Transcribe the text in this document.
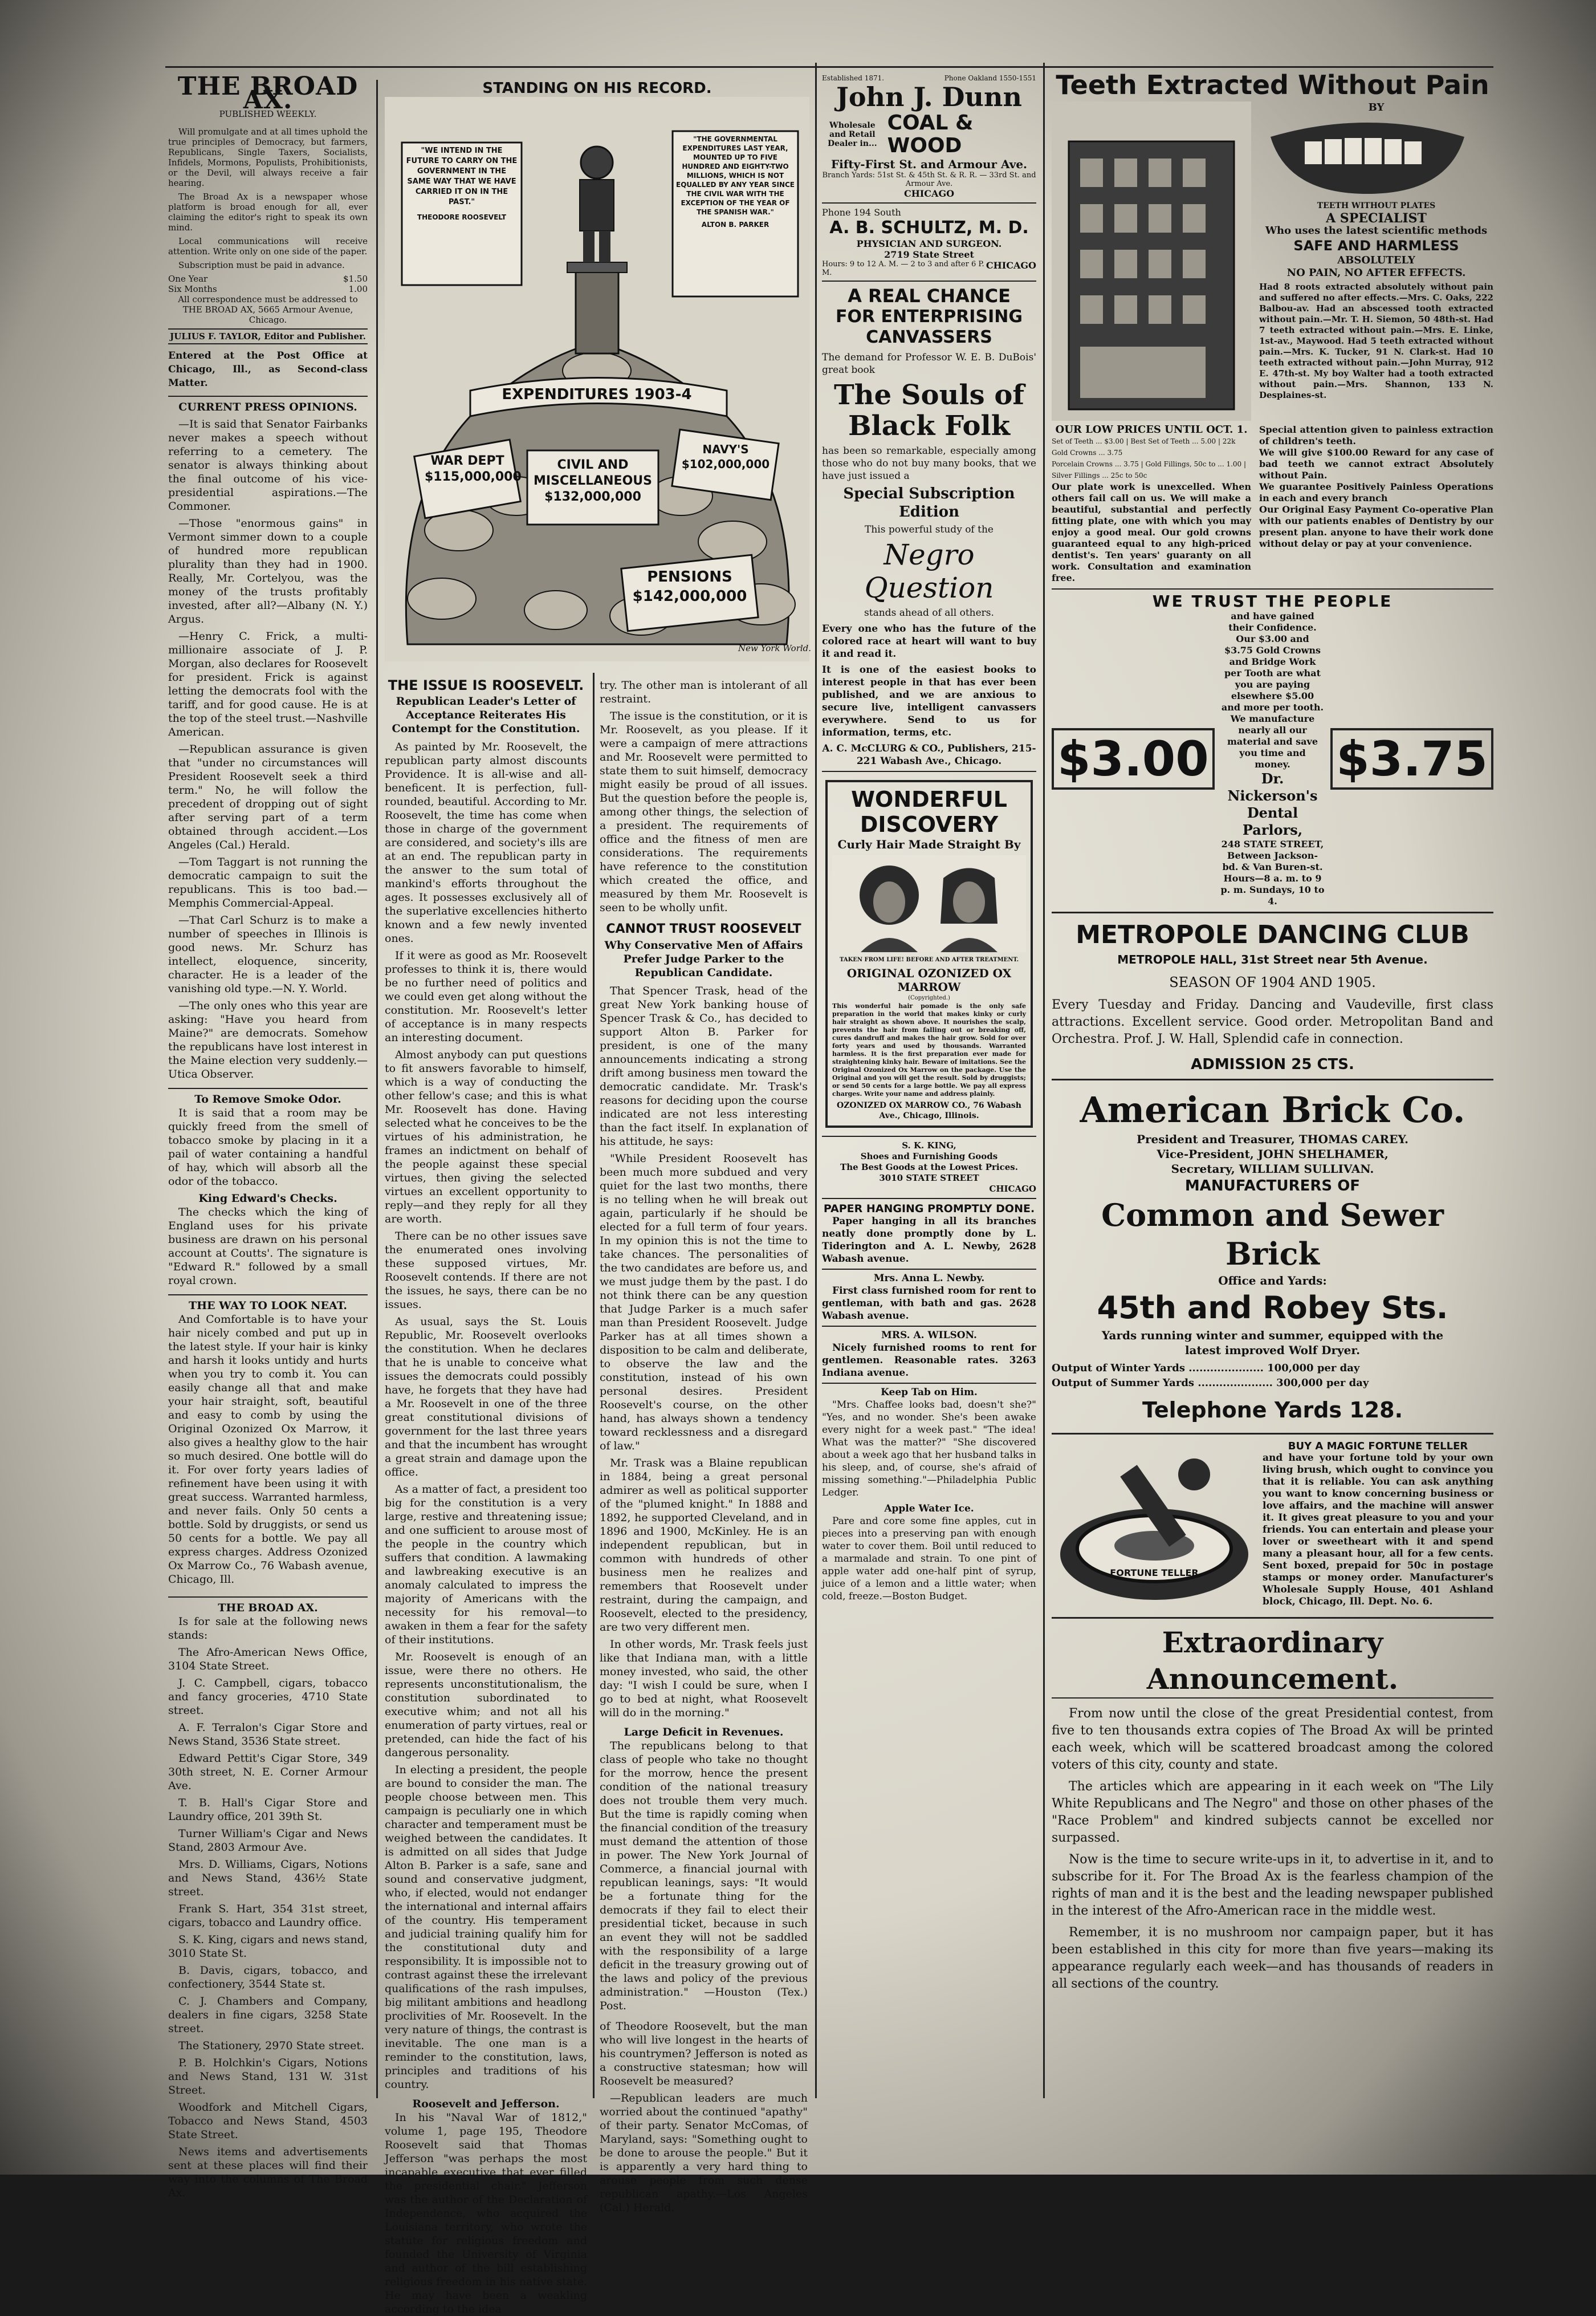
THE BROAD AX.
PUBLISHED WEEKLY.

Will promulgate and at all times uphold the true principles of Democracy, but farmers, Republicans, Single Taxers, Socialists, Infidels, Mormons, Populists, Prohibitionists, or the Devil, will always receive a fair hearing.

The Broad Ax is a newspaper whose platform is broad enough for all, ever claiming the editor's right to speak its own mind.

Local communications will receive attention. Write only on one side of the paper.

Subscription must be paid in advance.

One Year	$1.50
Six Months	1.00

All correspondence must be addressed to THE BROAD AX, 5665 Armour Avenue, Chicago.

JULIUS F. TAYLOR, Editor and Publisher.

Entered at the Post Office at Chicago, Ill., as Second-class Matter.

CURRENT PRESS OPINIONS.

—It is said that Senator Fairbanks never makes a speech without referring to a cemetery. The senator is always thinking about the final outcome of his vice-presidential aspirations.—The Commoner.

—Those "enormous gains" in Vermont simmer down to a couple of hundred more republican plurality than they had in 1900. Really, Mr. Cortelyou, was the money of the trusts profitably invested, after all?—Albany (N. Y.) Argus.

—Henry C. Frick, a multi-millionaire associate of J. P. Morgan, also declares for Roosevelt for president. Frick is against letting the democrats fool with the tariff, and for good cause. He is at the top of the steel trust.—Nashville American.

—Republican assurance is given that "under no circumstances will President Roosevelt seek a third term." No, he will follow the precedent of dropping out of sight after serving part of a term obtained through accident.—Los Angeles (Cal.) Herald.

—Tom Taggart is not running the democratic campaign to suit the republicans. This is too bad.—Memphis Commercial-Appeal.

—That Carl Schurz is to make a number of speeches in Illinois is good news. Mr. Schurz has intellect, eloquence, sincerity, character. He is a leader of the vanishing old type.—N. Y. World.

—The only ones who this year are asking: "Have you heard from Maine?" are democrats. Somehow the republicans have lost interest in the Maine election very suddenly.—Utica Observer.

To Remove Smoke Odor.

It is said that a room may be quickly freed from the smell of tobacco smoke by placing in it a pail of water containing a handful of hay, which will absorb all the odor of the tobacco.

King Edward's Checks.

The checks which the king of England uses for his private business are drawn on his personal account at Coutts'. The signature is "Edward R." followed by a small royal crown.

THE WAY TO LOOK NEAT.

And Comfortable is to have your hair nicely combed and put up in the latest style. If your hair is kinky and harsh it looks untidy and hurts when you try to comb it. You can easily change all that and make your hair straight, soft, beautiful and easy to comb by using the Original Ozonized Ox Marrow, it also gives a healthy glow to the hair so much desired. One bottle will do it. For over forty years ladies of refinement have been using it with great success. Warranted harmless, and never fails. Only 50 cents a bottle. Sold by druggists, or send us 50 cents for a bottle. We pay all express charges. Address Ozonized Ox Marrow Co., 76 Wabash avenue, Chicago, Ill.

THE BROAD AX.

Is for sale at the following news stands:

The Afro-American News Office, 3104 State Street.

J. C. Campbell, cigars, tobacco and fancy groceries, 4710 State street.

A. F. Terralon's Cigar Store and News Stand, 3536 State street.

Edward Pettit's Cigar Store, 349 30th street, N. E. Corner Armour Ave.

T. B. Hall's Cigar Store and Laundry office, 201 39th St.

Turner William's Cigar and News Stand, 2803 Armour Ave.

Mrs. D. Williams, Cigars, Notions and News Stand, 436½ State street.

Frank S. Hart, 354 31st street, cigars, tobacco and Laundry office.

S. K. King, cigars and news stand, 3010 State St.

B. Davis, cigars, tobacco, and confectionery, 3544 State st.

C. J. Chambers and Company, dealers in fine cigars, 3258 State street.

The Stationery, 2970 State street.

P. B. Holchkin's Cigars, Notions and News Stand, 131 W. 31st Street.

Woodfork and Mitchell Cigars, Tobacco and News Stand, 4503 State Street.

News items and advertisements sent at these places will find their way into the columns of The Broad Ax.

STANDING ON HIS RECORD.
"WE INTEND IN THE FUTURE TO CARRY ON THE GOVERNMENT IN THE SAME WAY THAT WE HAVE CARRIED IT ON IN THE PAST."
THEODORE ROOSEVELT
"THE GOVERNMENTAL EXPENDITURES LAST YEAR, MOUNTED UP TO FIVE HUNDRED AND EIGHTY-TWO MILLIONS, WHICH IS NOT EQUALLED BY ANY YEAR SINCE THE CIVIL WAR WITH THE EXCEPTION OF THE YEAR OF THE SPANISH WAR."
ALTON B. PARKER
EXPENDITURES 1903-4
WAR DEPT $115,000,000
CIVIL AND MISCELLANEOUS $132,000,000
NAVY'S $102,000,000
PENSIONS $142,000,000
New York World.
THE ISSUE IS ROOSEVELT.
Republican Leader's Letter of Acceptance Reiterates His Contempt for the Constitution.

As painted by Mr. Roosevelt, the republican party almost discounts Providence. It is all-wise and all-beneficent. It is perfection, full-rounded, beautiful. According to Mr. Roosevelt, the time has come when those in charge of the government are considered, and society's ills are at an end. The republican party in the answer to the sum total of mankind's efforts throughout the ages. It possesses exclusively all of the superlative excellencies hitherto known and a few newly invented ones.

If it were as good as Mr. Roosevelt professes to think it is, there would be no further need of politics and we could even get along without the constitution. Mr. Roosevelt's letter of acceptance is in many respects an interesting document.

Almost anybody can put questions to fit answers favorable to himself, which is a way of conducting the other fellow's case; and this is what Mr. Roosevelt has done. Having selected what he conceives to be the virtues of his administration, he frames an indictment on behalf of the people against these special virtues, then giving the selected virtues an excellent opportunity to reply—and they reply for all they are worth.

There can be no other issues save the enumerated ones involving these supposed virtues, Mr. Roosevelt contends. If there are not the issues, he says, there can be no issues.

As usual, says the St. Louis Republic, Mr. Roosevelt overlooks the constitution. When he declares that he is unable to conceive what issues the democrats could possibly have, he forgets that they have had a Mr. Roosevelt in one of the three great constitutional divisions of government for the last three years and that the incumbent has wrought a great strain and damage upon the office.

As a matter of fact, a president too big for the constitution is a very large, restive and threatening issue; and one sufficient to arouse most of the people in the country which suffers that condition. A lawmaking and lawbreaking executive is an anomaly calculated to impress the majority of Americans with the necessity for his removal—to awaken in them a fear for the safety of their institutions.

Mr. Roosevelt is enough of an issue, were there no others. He represents unconstitutionalism, the constitution subordinated to executive whim; and not all his enumeration of party virtues, real or pretended, can hide the fact of his dangerous personality.

In electing a president, the people are bound to consider the man. The people choose between men. This campaign is peculiarly one in which character and temperament must be weighed between the candidates. It is admitted on all sides that Judge Alton B. Parker is a safe, sane and sound and conservative judgment, who, if elected, would not endanger the international and internal affairs of the country. His temperament and judicial training qualify him for the constitutional duty and responsibility. It is impossible not to contrast against these the irrelevant qualifications of the rash impulses, big militant ambitions and headlong proclivities of Mr. Roosevelt. In the very nature of things, the contrast is inevitable. The one man is a reminder to the constitution, laws, principles and traditions of his country.

Roosevelt and Jefferson.

In his "Naval War of 1812," volume 1, page 195, Theodore Roosevelt said that Thomas Jefferson "was perhaps the most incapable executive that ever filled the presidential chair." Jefferson was the author of the Declaration of Independence, who acquired the Louisiana territory, who wrote the statute for religious freedom and founded the University of Virginia and author of the bill establishing religious freedom in his native state. He may have been a weakling according to the idea

try. The other man is intolerant of all restraint.

The issue is the constitution, or it is Mr. Roosevelt, as you please. If it were a campaign of mere attractions and Mr. Roosevelt were permitted to state them to suit himself, democracy might easily be proud of all issues. But the question before the people is, among other things, the selection of a president. The requirements of office and the fitness of men are considerations. The requirements have reference to the constitution which created the office, and measured by them Mr. Roosevelt is seen to be wholly unfit.

CANNOT TRUST ROOSEVELT
Why Conservative Men of Affairs Prefer Judge Parker to the Republican Candidate.

That Spencer Trask, head of the great New York banking house of Spencer Trask & Co., has decided to support Alton B. Parker for president, is one of the many announcements indicating a strong drift among business men toward the democratic candidate. Mr. Trask's reasons for deciding upon the course indicated are not less interesting than the fact itself. In explanation of his attitude, he says:

"While President Roosevelt has been much more subdued and very quiet for the last two months, there is no telling when he will break out again, particularly if he should be elected for a full term of four years. In my opinion this is not the time to take chances. The personalities of the two candidates are before us, and we must judge them by the past. I do not think there can be any question that Judge Parker is a much safer man than President Roosevelt. Judge Parker has at all times shown a disposition to be calm and deliberate, to observe the law and the constitution, instead of his own personal desires. President Roosevelt's course, on the other hand, has always shown a tendency toward recklessness and a disregard of law."

Mr. Trask was a Blaine republican in 1884, being a great personal admirer as well as political supporter of the "plumed knight." In 1888 and 1892, he supported Cleveland, and in 1896 and 1900, McKinley. He is an independent republican, but in common with hundreds of other business men he realizes and remembers that Roosevelt under restraint, during the campaign, and Roosevelt, elected to the presidency, are two very different men.

In other words, Mr. Trask feels just like that Indiana man, with a little money invested, who said, the other day: "I wish I could be sure, when I go to bed at night, what Roosevelt will do in the morning."

Large Deficit in Revenues.

The republicans belong to that class of people who take no thought for the morrow, hence the present condition of the national treasury does not trouble them very much. But the time is rapidly coming when the financial condition of the treasury must demand the attention of those in power. The New York Journal of Commerce, a financial journal with republican leanings, says: "It would be a fortunate thing for the democrats if they fail to elect their presidential ticket, because in such an event they will not be saddled with the responsibility of a large deficit in the treasury growing out of the laws and policy of the previous administration." —Houston (Tex.) Post.

of Theodore Roosevelt, but the man who will live longest in the hearts of his countrymen? Jefferson is noted as a constructive statesman; how will Roosevelt be measured?

—Republican leaders are much worried about the continued "apathy" of their party. Senator McComas, of Maryland, says: "Something ought to be done to arouse the people." But it is apparently a very hard thing to arouse people from such dense republican apathy.—Los Angeles (Cal.) Herald.

Established 1871.	Phone Oakland 1550-1551
John J. Dunn
Wholesale and Retail Dealer in...
COAL & WOOD
Fifty-First St. and Armour Ave.
Branch Yards: 51st St. & 45th St. & R. R. — 33rd St. and Armour Ave.
CHICAGO
Phone 194 South
A. B. SCHULTZ, M. D.
PHYSICIAN AND SURGEON.
2719 State Street
Hours: 9 to 12 A. M. — 2 to 3 and after 6 P. M.
CHICAGO
A REAL CHANCE
FOR ENTERPRISING CANVASSERS
The demand for Professor W. E. B. DuBois' great book
The Souls of Black Folk
has been so remarkable, especially among those who do not buy many books, that we have just issued a
Special Subscription Edition
This powerful study of the
Negro Question
stands ahead of all others.
Every one who has the future of the colored race at heart will want to buy it and read it.
It is one of the easiest books to interest people in that has ever been published, and we are anxious to secure live, intelligent canvassers everywhere. Send to us for information, terms, etc.
A. C. McCLURG & CO., Publishers, 215-221 Wabash Ave., Chicago.
WONDERFUL DISCOVERY
Curly Hair Made Straight By
TAKEN FROM LIFE! BEFORE AND AFTER TREATMENT.
ORIGINAL OZONIZED OX MARROW
(Copyrighted.)
This wonderful hair pomade is the only safe preparation in the world that makes kinky or curly hair straight as shown above. It nourishes the scalp, prevents the hair from falling out or breaking off, cures dandruff and makes the hair grow. Sold for over forty years and used by thousands. Warranted harmless. It is the first preparation ever made for straightening kinky hair. Beware of imitations. See the Original Ozonized Ox Marrow on the package. Use the Original and you will get the result. Sold by druggists; or send 50 cents for a large bottle. We pay all express charges. Write your name and address plainly.
OZONIZED OX MARROW CO., 76 Wabash Ave., Chicago, Illinois.
S. K. KING,
Shoes and Furnishing Goods
The Best Goods at the Lowest Prices.
3010 STATE STREET
CHICAGO
PAPER HANGING PROMPTLY DONE.

Paper hanging in all its branches neatly done promptly done by L. Tiderington and A. L. Newby, 2628 Wabash avenue.

Mrs. Anna L. Newby.

First class furnished room for rent to gentleman, with bath and gas. 2628 Wabash avenue.

MRS. A. WILSON.

Nicely furnished rooms to rent for gentlemen. Reasonable rates. 3263 Indiana avenue.

Keep Tab on Him.

"Mrs. Chaffee looks bad, doesn't she?" "Yes, and no wonder. She's been awake every night for a week past." "The idea! What was the matter?" "She discovered about a week ago that her husband talks in his sleep, and, of course, she's afraid of missing something."—Philadelphia Public Ledger.

Apple Water Ice.

Pare and core some fine apples, cut in pieces into a preserving pan with enough water to cover them. Boil until reduced to a marmalade and strain. To one pint of apple water add one-half pint of syrup, juice of a lemon and a little water; when cold, freeze.—Boston Budget.

Teeth Extracted Without Pain
BY
TEETH WITHOUT PLATES
A SPECIALIST
Who uses the latest scientific methods
SAFE AND HARMLESS
ABSOLUTELY
NO PAIN, NO AFTER EFFECTS.
Had 8 roots extracted absolutely without pain and suffered no after effects.—Mrs. C. Oaks, 222 Balbou-av. Had an abscessed tooth extracted without pain.—Mr. T. H. Siemon, 50 48th-st. Had 7 teeth extracted without pain.—Mrs. E. Linke, 1st-av., Maywood. Had 5 teeth extracted without pain.—Mrs. K. Tucker, 91 N. Clark-st. Had 10 teeth extracted without pain.—John Murray, 912 E. 47th-st. My boy Walter had a tooth extracted without pain.—Mrs. Shannon, 133 N. Desplaines-st.
OUR LOW PRICES UNTIL OCT. 1.
Set of Teeth ... $3.00 | Best Set of Teeth ... 5.00 | 22k Gold Crowns ... 3.75
Porcelain Crowns ... 3.75 | Gold Fillings, 50c to ... 1.00 | Silver Fillings ... 25c to 50c
Our plate work is unexcelled. When others fail call on us. We will make a beautiful, substantial and perfectly fitting plate, one with which you may enjoy a good meal. Our gold crowns guaranteed equal to any high-priced dentist's. Ten years' guaranty on all work. Consultation and examination free.
Special attention given to painless extraction of children's teeth.
We will give $100.00 Reward for any case of bad teeth we cannot extract Absolutely without Pain.
We guarantee Positively Painless Operations in each and every branch
Our Original Easy Payment Co-operative Plan with our patients enables of Dentistry by our present plan. anyone to have their work done without delay or pay at your convenience.
WE TRUST THE PEOPLE
$3.00
and have gained their Confidence.
Our $3.00 and $3.75 Gold Crowns and Bridge Work per Tooth are what you are paying elsewhere $5.00 and more per tooth. We manufacture nearly all our material and save you time and money.
Dr. Nickerson's Dental Parlors,
248 STATE STREET,
Between Jackson-bd. & Van Buren-st.
Hours—8 a. m. to 9 p. m. Sundays, 10 to 4.
$3.75
METROPOLE DANCING CLUB
METROPOLE HALL, 31st Street near 5th Avenue.
SEASON OF 1904 AND 1905.
Every Tuesday and Friday. Dancing and Vaudeville, first class attractions. Excellent service. Good order. Metropolitan Band and Orchestra. Prof. J. W. Hall, Splendid cafe in connection.
ADMISSION 25 CTS.
American Brick Co.
President and Treasurer, THOMAS CAREY.
Vice-President, JOHN SHELHAMER,
Secretary, WILLIAM SULLIVAN.
MANUFACTURERS OF
Common and Sewer Brick
Office and Yards:
45th and Robey Sts.
Yards running winter and summer, equipped with the latest improved Wolf Dryer.
Output of Winter Yards ..................... 100,000 per day
Output of Summer Yards ..................... 300,000 per day
Telephone Yards 128.
FORTUNE TELLER
BUY A MAGIC FORTUNE TELLER
and have your fortune told by your own living brush, which ought to convince you that it is reliable. You can ask anything you want to know concerning business or love affairs, and the machine will answer it. It gives great pleasure to you and your friends. You can entertain and please your lover or sweetheart with it and spend many a pleasant hour, all for a few cents. Sent boxed, prepaid for 50c in postage stamps or money order. Manufacturer's Wholesale Supply House, 401 Ashland block, Chicago, Ill. Dept. No. 6.
Extraordinary Announcement.

From now until the close of the great Presidential contest, from five to ten thousands extra copies of The Broad Ax will be printed each week, which will be scattered broadcast among the colored voters of this city, county and state.

The articles which are appearing in it each week on "The Lily White Republicans and The Negro" and those on other phases of the "Race Problem" and kindred subjects cannot be excelled nor surpassed.

Now is the time to secure write-ups in it, to advertise in it, and to subscribe for it. For The Broad Ax is the fearless champion of the rights of man and it is the best and the leading newspaper published in the interest of the Afro-American race in the middle west.

Remember, it is no mushroom nor campaign paper, but it has been established in this city for more than five years—making its appearance regularly each week—and has thousands of readers in all sections of the country.
